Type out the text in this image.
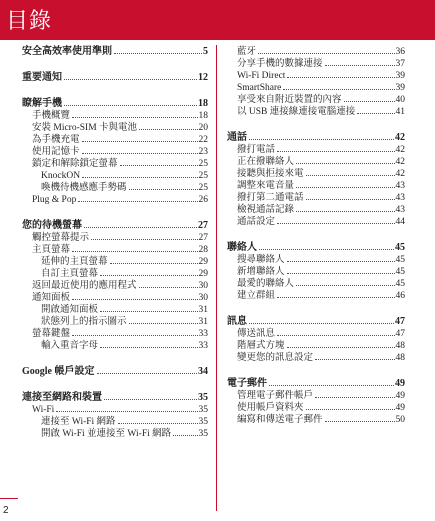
目錄
安全高效率使用準則	5
重要通知	12
瞭解手機	18
手機概覽	18
安裝 Micro-SIM 卡與電池	20
為手機充電	22
使用記憶卡	23
鎖定和解除鎖定螢幕	25
KnockON	25
喚機待機感應手勢碼	25
Plug & Pop	26
您的待機螢幕	27
觸控螢幕提示	27
主頁螢幕	28
延伸的主頁螢幕	29
自訂主頁螢幕	29
返回最近使用的應用程式	30
通知面板	30
開啟通知面板	31
狀態列上的指示圖示	31
螢幕鍵盤	33
輸入重音字母	33
Google 帳戶設定	34
連接至網路和裝置	35
Wi-Fi	35
連接至 Wi-Fi 網路	35
開啟 Wi-Fi 並連接至 Wi-Fi 網路	35
藍牙	36
分享手機的數據連接	37
Wi-Fi Direct	39
SmartShare	39
享受來自附近裝置的內容	40
以 USB 連接線連接電腦連接	41
通話	42
撥打電話	42
正在撥聯絡人	42
接聽與拒接來電	42
調整來電音量	43
撥打第二通電話	43
檢視通話記錄	43
通話設定	44
聯絡人	45
搜尋聯絡人	45
新增聯絡人	45
最愛的聯絡人	45
建立群組	46
訊息	47
傳送訊息	47
階層式方塊	48
變更您的訊息設定	48
電子郵件	49
管理電子郵件帳戶	49
使用帳戶資料夾	49
編寫和傳送電子郵件	50
2
